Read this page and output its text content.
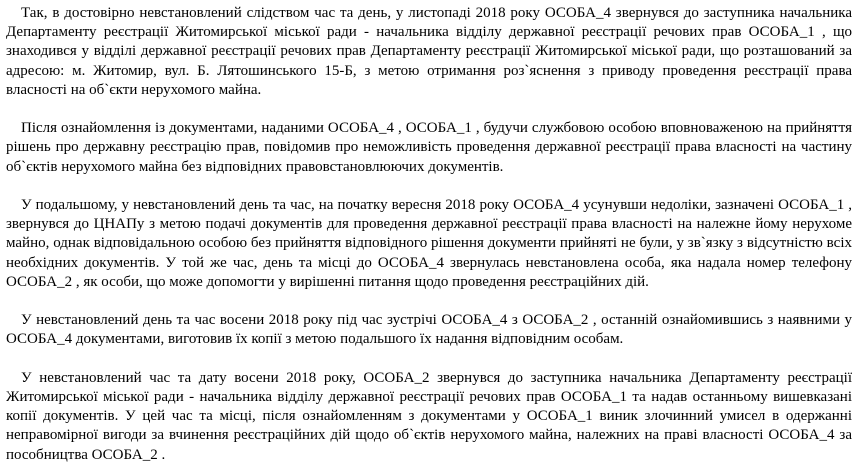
Так, в достовірно невстановлений слідством час та день, у листопаді 2018 року ОСОБА_4 звернувся до заступника начальника Департаменту реєстрації Житомирської міської ради - начальника відділу державної реєстрації речових прав ОСОБА_1 , що знаходився у відділі державної реєстрації речових прав Департаменту реєстрації Житомирської міської ради, що розташований за адресою: м. Житомир, вул. Б. Лятошинського 15-Б, з метою отримання роз`яснення з приводу проведення реєстрації права власності на об`єкти нерухомого майна.

Після ознайомлення із документами, наданими ОСОБА_4 , ОСОБА_1 , будучи службовою особою вповноваженою на прийняття рішень про державну реєстрацію прав, повідомив про неможливість проведення державної реєстрації права власності на частину об`єктів нерухомого майна без відповідних правовстановлюючих документів.

У подальшому, у невстановлений день та час, на початку вересня 2018 року ОСОБА_4 усунувши недоліки, зазначені ОСОБА_1 , звернувся до ЦНАПу з метою подачі документів для проведення державної реєстрації права власності на належне йому нерухоме майно, однак відповідальною особою без прийняття відповідного рішення документи прийняті не були, у зв`язку з відсутністю всіх необхідних документів. У той же час, день та місці до ОСОБА_4 звернулась невстановлена особа, яка надала номер телефону ОСОБА_2 , як особи, що може допомогти у вирішенні питання щодо проведення реєстраційних дій.

У невстановлений день та час восени 2018 року під час зустрічі ОСОБА_4 з ОСОБА_2 , останній ознайомившись з наявними у ОСОБА_4 документами, виготовив їх копії з метою подальшого їх надання відповідним особам.

У невстановлений час та дату восени 2018 року, ОСОБА_2 звернувся до заступника начальника Департаменту реєстрації Житомирської міської ради - начальника відділу державної реєстрації речових прав ОСОБА_1 та надав останньому вишевказані копії документів. У цей час та місці, після ознайомленням з документами у ОСОБА_1 виник злочинний умисел в одержанні неправомірної вигоди за вчинення реєстраційних дій щодо об`єктів нерухомого майна, належних на праві власності ОСОБА_4 за пособництва ОСОБА_2 .
